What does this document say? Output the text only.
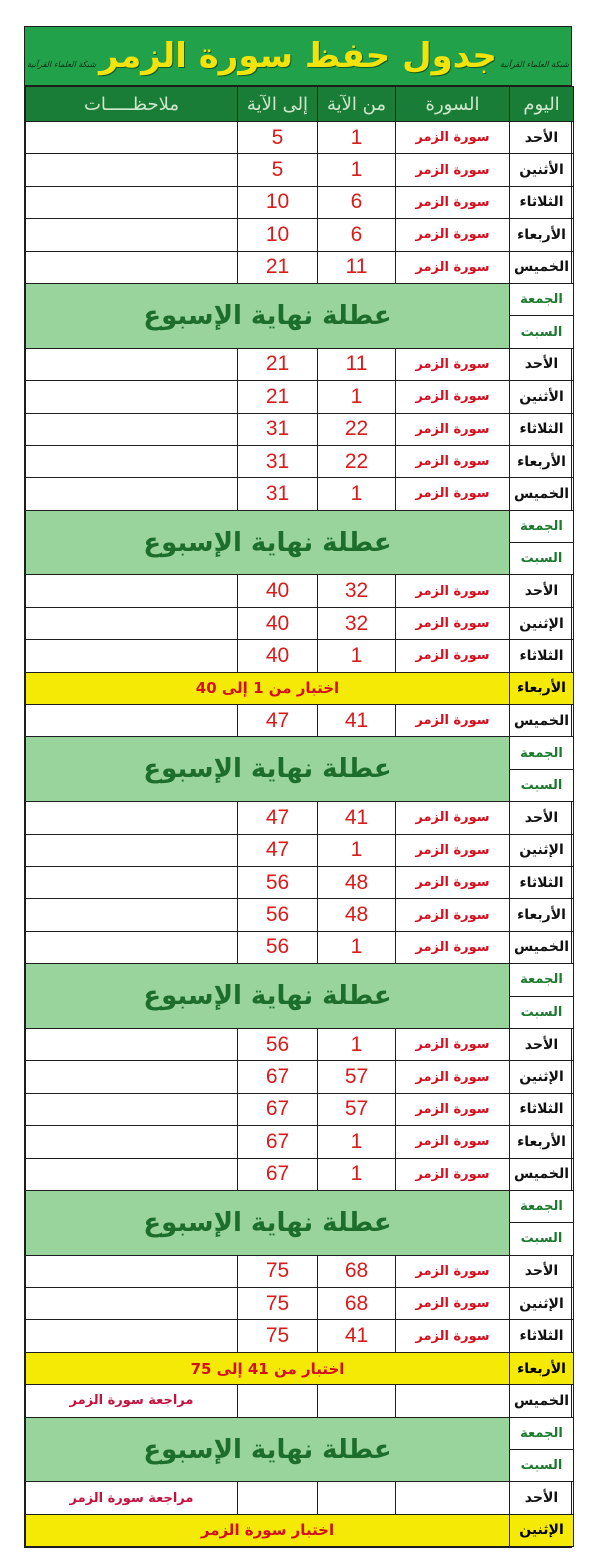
شبكة العلماء القرآنية
جدول حفظ سورة الزمر
شبكة العلماء القرآنية
اليوم	السورة	من الآية	إلى الآية	ملاحظـــــات
الأحد	سورة الزمر	1	5	
الأثنين	سورة الزمر	1	5	
الثلاثاء	سورة الزمر	6	10	
الأربعاء	سورة الزمر	6	10	
الخميس	سورة الزمر	11	21	
الجمعة	عطلة نهاية الإسبوع			
السبت				
الأحد	سورة الزمر	11	21	
الأثنين	سورة الزمر	1	21	
الثلاثاء	سورة الزمر	22	31	
الأربعاء	سورة الزمر	22	31	
الخميس	سورة الزمر	1	31	
الجمعة	عطلة نهاية الإسبوع			
السبت				
الأحد	سورة الزمر	32	40	
الإثنين	سورة الزمر	32	40	
الثلاثاء	سورة الزمر	1	40	
الأربعاء	اختبار من 1 إلى 40			
الخميس	سورة الزمر	41	47	
الجمعة	عطلة نهاية الإسبوع			
السبت				
الأحد	سورة الزمر	41	47	
الإثنين	سورة الزمر	1	47	
الثلاثاء	سورة الزمر	48	56	
الأربعاء	سورة الزمر	48	56	
الخميس	سورة الزمر	1	56	
الجمعة	عطلة نهاية الإسبوع			
السبت				
الأحد	سورة الزمر	1	56	
الإثنين	سورة الزمر	57	67	
الثلاثاء	سورة الزمر	57	67	
الأربعاء	سورة الزمر	1	67	
الخميس	سورة الزمر	1	67	
الجمعة	عطلة نهاية الإسبوع			
السبت				
الأحد	سورة الزمر	68	75	
الإثنين	سورة الزمر	68	75	
الثلاثاء	سورة الزمر	41	75	
الأربعاء	اختبار من 41 إلى 75			
الخميس				مراجعة سورة الزمر
الجمعة	عطلة نهاية الإسبوع			
السبت				
الأحد				مراجعة سورة الزمر
الإثنين	اختبار سورة الزمر			
